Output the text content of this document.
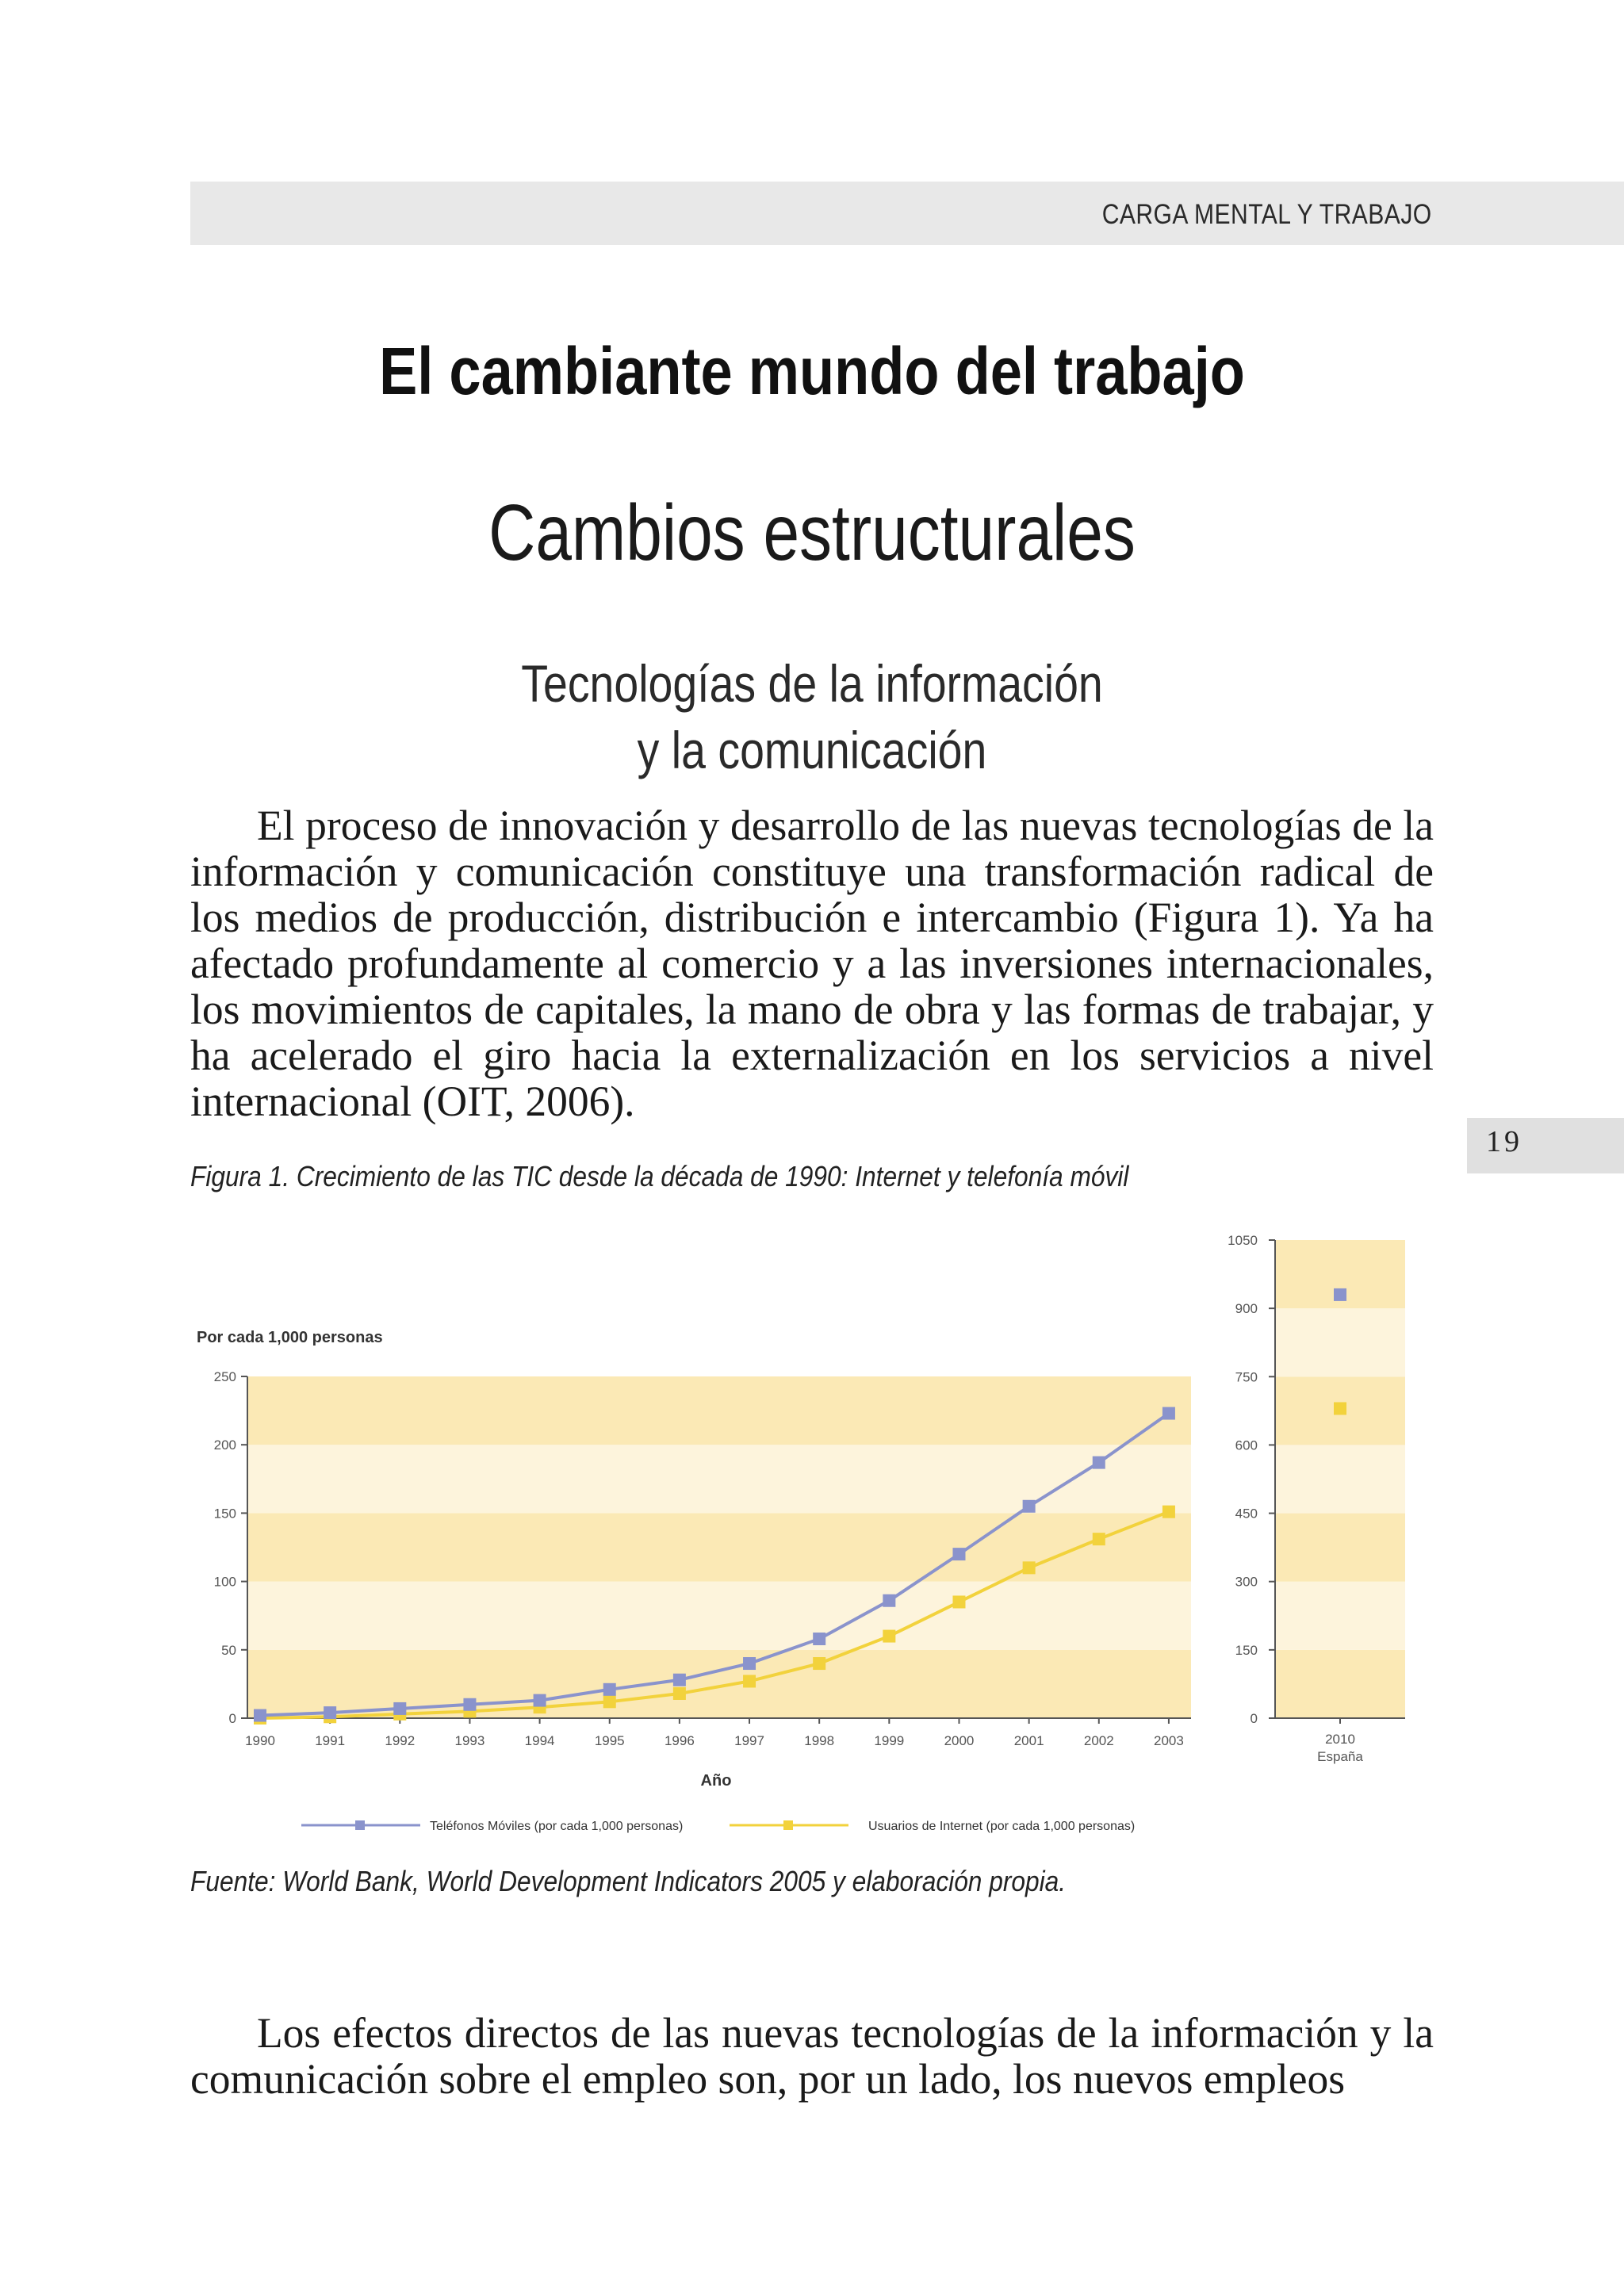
CARGA MENTAL Y TRABAJO
El cambiante mundo del trabajo
Cambios estructurales
Tecnologías de la información
y la comunicación

El proceso de innovación y desarrollo de las nuevas tecnologías de la información y comunicación constituye una transformación radical de los medios de producción, distribución e intercambio (Figura 1). Ya ha afectado profundamente al comercio y a las inversiones internacionales, los movimientos de capitales, la mano de obra y las formas de trabajar, y ha acelerado el giro hacia la externalización en los servicios a nivel internacional (OIT, 2006).

19
Figura 1. Crecimiento de las TIC desde la década de 1990: Internet y telefonía móvil
Por cada 1,000 personas
Año
0
50
100
150
200
250
1990	1991	1992	1993	1994	1995	1996	1997	1998	1999	2000	2001	2002	2003
0
150
300
450
600
750
900
1050
2010
España
Teléfonos Móviles (por cada 1,000 personas)	Usuarios de Internet (por cada 1,000 personas)
Fuente: World Bank, World Development Indicators 2005 y elaboración propia.

Los efectos directos de las nuevas tecnologías de la información y la comunicación sobre el empleo son, por un lado, los nuevos empleos
